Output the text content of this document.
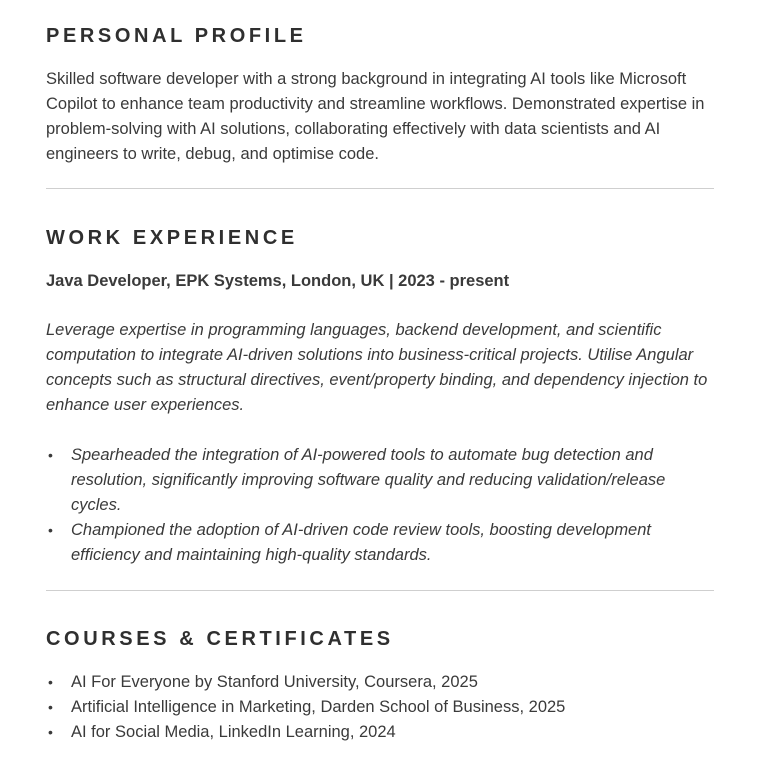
PERSONAL PROFILE

Skilled software developer with a strong background in integrating AI tools like Microsoft Copilot to enhance team productivity and streamline workflows. Demonstrated expertise in problem-solving with AI solutions, collaborating effectively with data scientists and AI engineers to write, debug, and optimise code.

WORK EXPERIENCE

Java Developer, EPK Systems, London, UK | 2023 - present

Leverage expertise in programming languages, backend development, and scientific computation to integrate AI-driven solutions into business-critical projects. Utilise Angular concepts such as structural directives, event/property binding, and dependency injection to enhance user experiences.

• Spearheaded the integration of AI-powered tools to automate bug detection and resolution, significantly improving software quality and reducing validation/release cycles.
• Championed the adoption of AI-driven code review tools, boosting development efficiency and maintaining high-quality standards.
COURSES & CERTIFICATES
• AI For Everyone by Stanford University, Coursera, 2025
• Artificial Intelligence in Marketing, Darden School of Business, 2025
• AI for Social Media, LinkedIn Learning, 2024
